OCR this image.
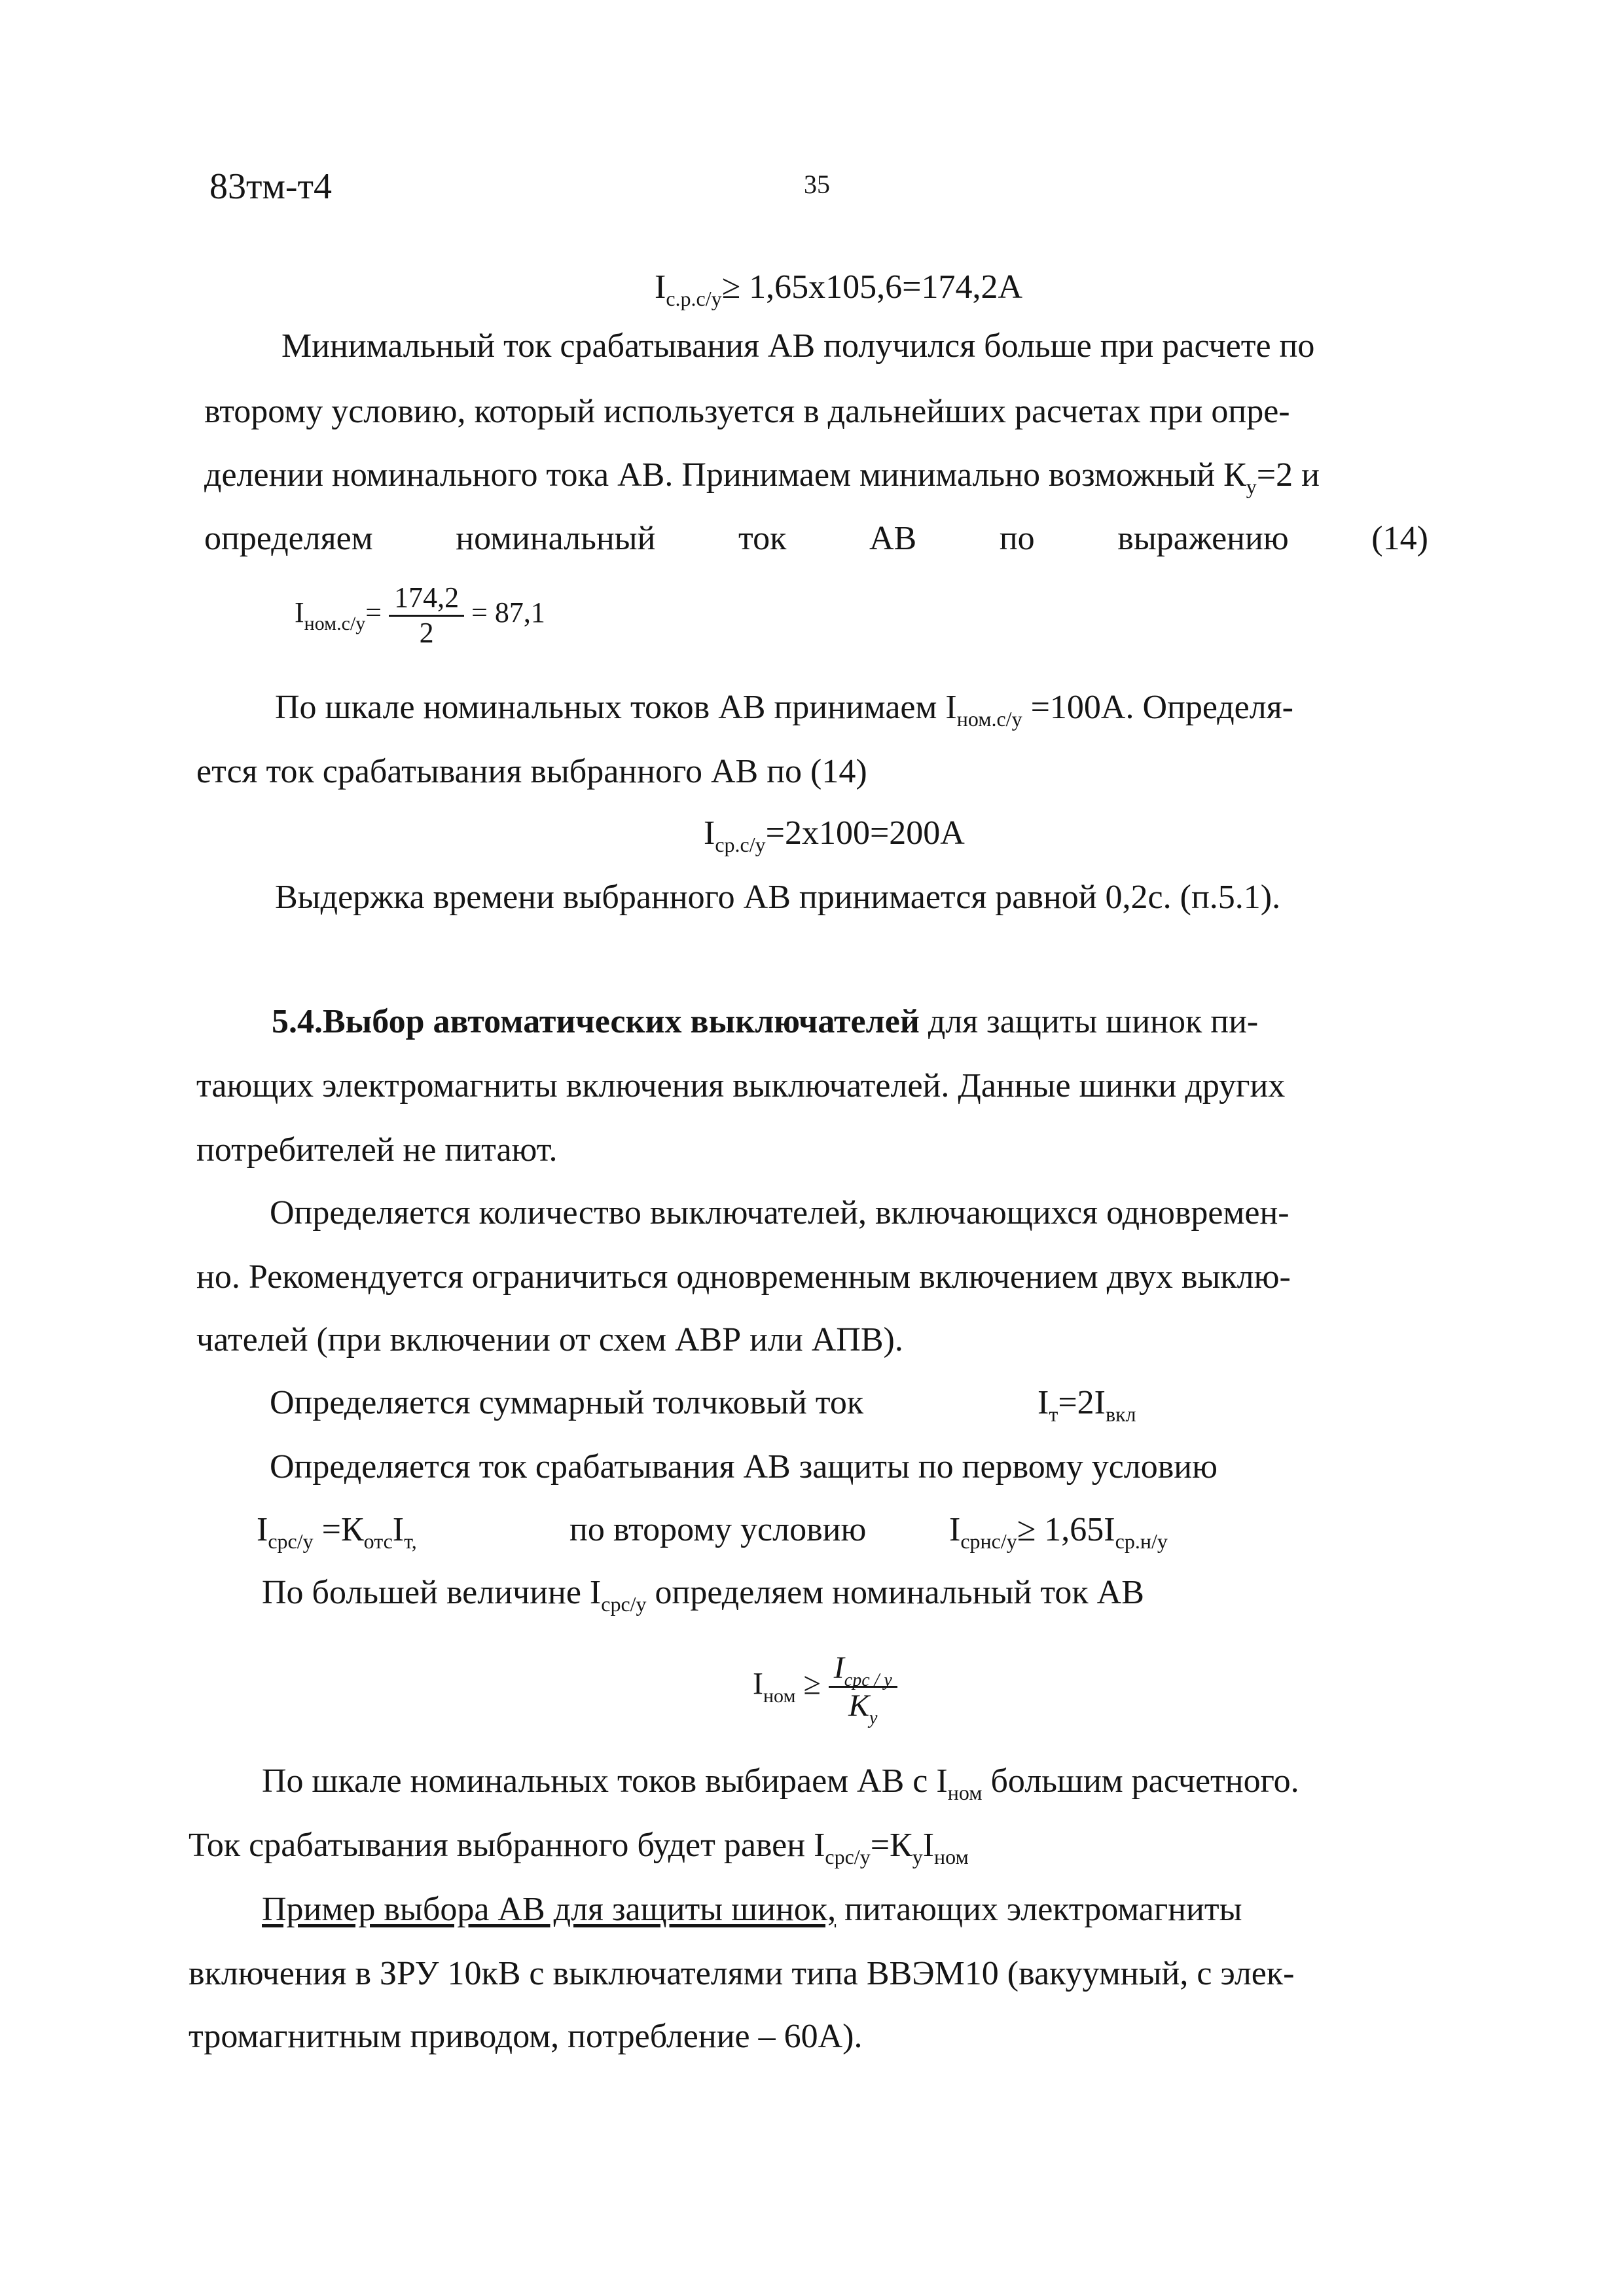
83тм-т4	35
$I_{с.р.с/у}\ge 1,65х105,6=174,2А$
Минимальный ток срабатывания АВ получился больше при расчете по
второму условию, который используется в дальнейших расчетах при опре-
делении номинального тока АВ. Принимаем минимально возможный $К_у=2$ и
определяем номинальный ток АВ по выражению (14)
$I_{ном.с/у}= \frac{174,2}{2} = 87,1$
По шкале номинальных токов АВ принимаем $I_{ном.с/у} =100А$. Определя-
ется ток срабатывания выбранного АВ по (14)
$I_{ср.с/у}=2х100=200А$
Выдержка времени выбранного АВ принимается равной 0,2с. (п.5.1).
5.4.Выбор автоматических выключателей для защиты шинок пи-
тающих электромагниты включения выключателей. Данные шинки других
потребителей не питают.
Определяется количество выключателей, включающихся одновремен-
но. Рекомендуется ограничиться одновременным включением двух выклю-
чателей (при включении от схем АВР или АПВ).
Определяется суммарный толчковый ток	$I_т=2I_{вкл}$
Определяется ток срабатывания АВ защиты по первому условию
$I_{срс/у} =К_{отс}I_{т,}$	по второму условию $I_{срнс/у}\ge 1,65I_{ср.н/у}$
По большей величине $I_{срс/у}$ определяем номинальный ток АВ
$I_{ном} \ge \frac{I_{срс / у}}{К_у}$
По шкале номинальных токов выбираем АВ с $I_{ном}$ большим расчетного.
Ток срабатывания выбранного будет равен $I_{срс/у}=К_уI_{ном}$
Пример выбора АВ для защиты шинок, питающих электромагниты
включения в ЗРУ 10кВ с выключателями типа ВВЭМ10 (вакуумный, с элек-
тромагнитным приводом, потребление – 60А).
